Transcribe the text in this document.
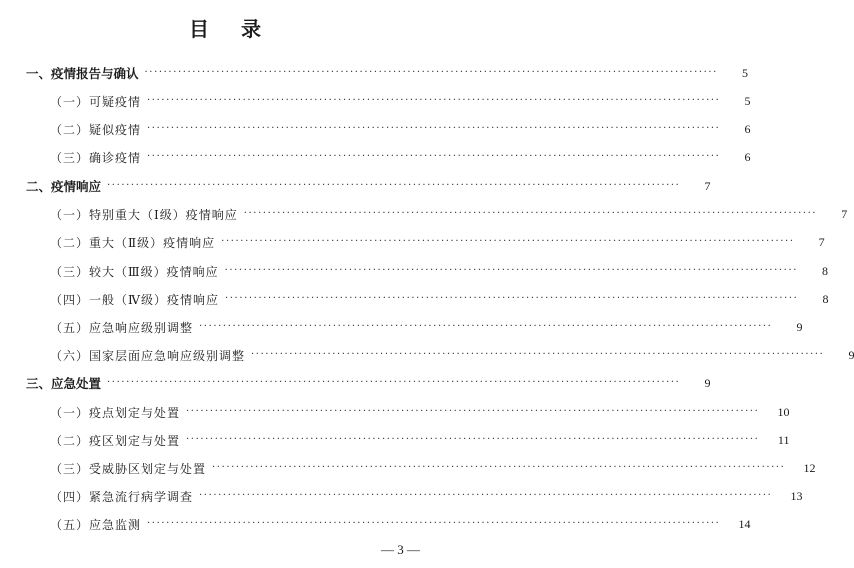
目 录
一、疫情报告与确认 ························································································································	5
（一）可疑疫情 ························································································································	5
（二）疑似疫情 ························································································································	6
（三）确诊疫情 ························································································································	6
二、疫情响应 ························································································································	7
（一）特别重大（Ⅰ级）疫情响应 ························································································································	7
（二）重大（Ⅱ级）疫情响应 ························································································································	7
（三）较大（Ⅲ级）疫情响应 ························································································································	8
（四）一般（Ⅳ级）疫情响应 ························································································································	8
（五）应急响应级别调整 ························································································································	9
（六）国家层面应急响应级别调整 ························································································································	9
三、应急处置 ························································································································	9
（一）疫点划定与处置 ························································································································	10
（二）疫区划定与处置 ························································································································	11
（三）受威胁区划定与处置 ························································································································	12
（四）紧急流行病学调查 ························································································································	13
（五）应急监测 ························································································································	14
— 3 —
